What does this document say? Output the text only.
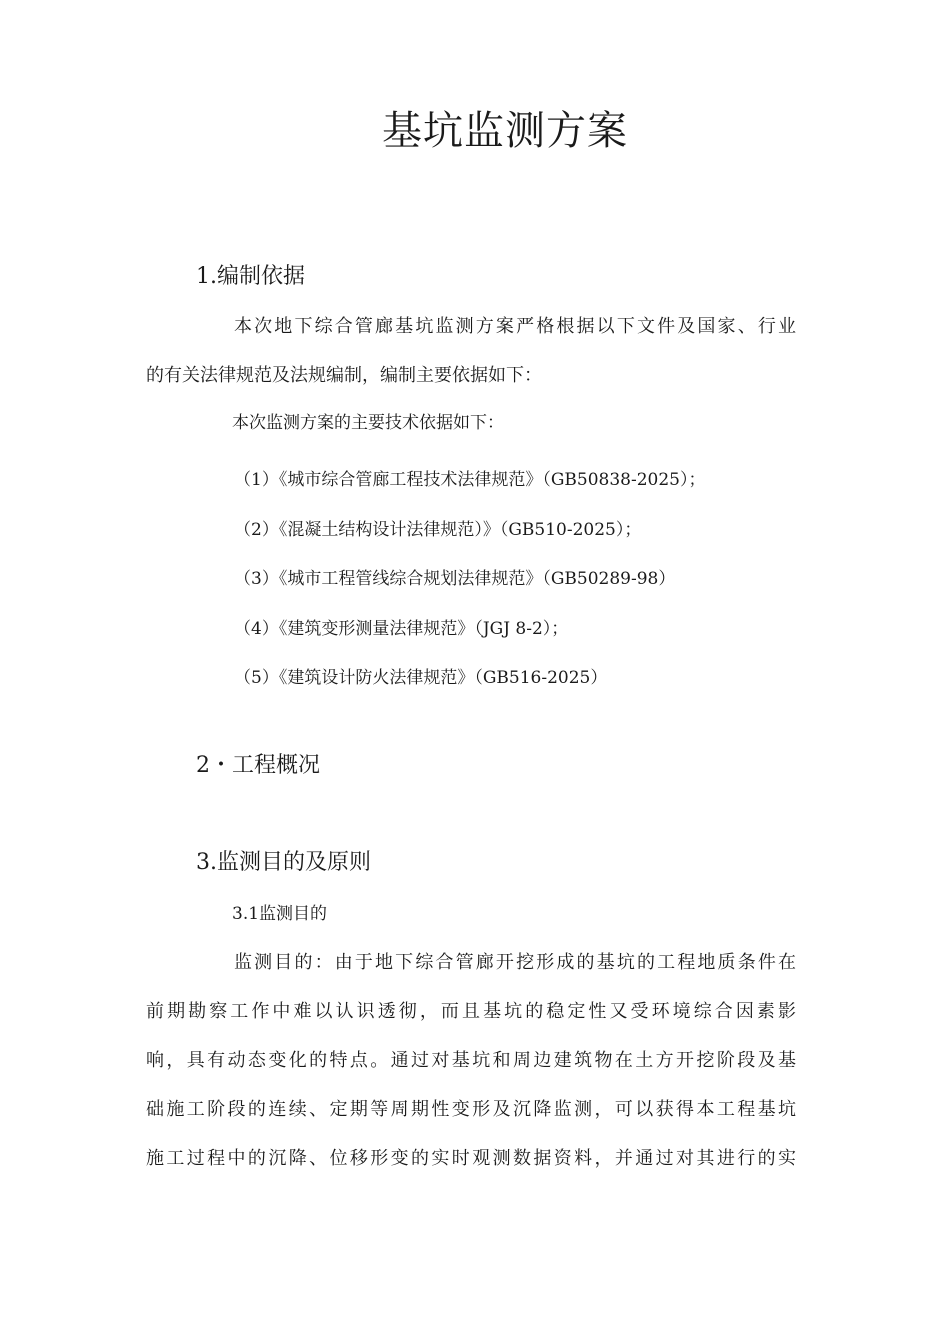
基坑监测方案
1.编制依据

本次地下综合管廊基坑监测方案严格根据以下文件及国家、行业
的有关法律规范及法规编制，编制主要依据如下：

本次监测方案的主要技术依据如下：

（1）《城市综合管廊工程技术法律规范》（GB50838-2025）；
（2）《混凝土结构设计法律规范）》（GB510-2025）；
（3）《城市工程管线综合规划法律规范》（GB50289-98）
（4）《建筑变形测量法律规范》（JGJ 8-2）；
（5）《建筑设计防火法律规范》（GB516-2025）
2・工程概况
3.监测目的及原则
3.1监测目的

监测目的：由于地下综合管廊开挖形成的基坑的工程地质条件在
前期勘察工作中难以认识透彻，而且基坑的稳定性又受环境综合因素影
响，具有动态变化的特点。通过对基坑和周边建筑物在土方开挖阶段及基
础施工阶段的连续、定期等周期性变形及沉降监测，可以获得本工程基坑
施工过程中的沉降、位移形变的实时观测数据资料，并通过对其进行的实
